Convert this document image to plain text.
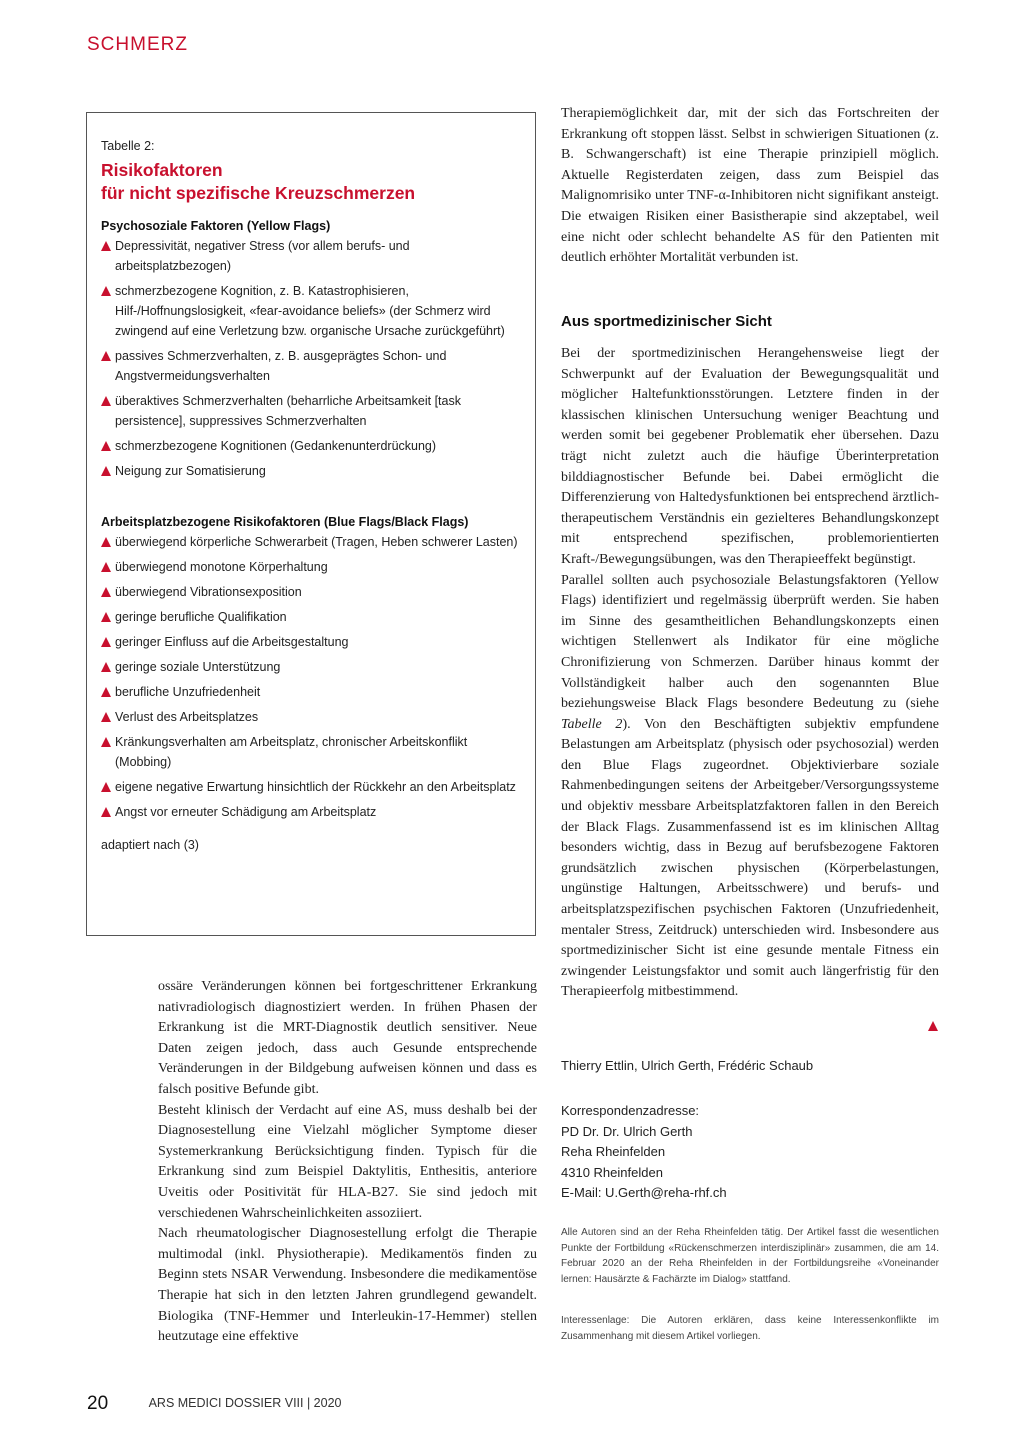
SCHMERZ
Tabelle 2:
Risikofaktoren
für nicht spezifische Kreuzschmerzen
Psychosoziale Faktoren (Yellow Flags)
Depressivität, negativer Stress (vor allem berufs- und arbeitsplatzbezogen)
schmerzbezogene Kognition, z. B. Katastrophisieren, Hilf-/Hoffnungslosigkeit, «fear-avoidance beliefs» (der Schmerz wird zwingend auf eine Verletzung bzw. organische Ursache zurückgeführt)
passives Schmerzverhalten, z. B. ausgeprägtes Schon- und Angstvermeidungsverhalten
überaktives Schmerzverhalten (beharrliche Arbeitsamkeit [task persistence], suppressives Schmerzverhalten
schmerzbezogene Kognitionen (Gedankenunterdrückung)
Neigung zur Somatisierung
Arbeitsplatzbezogene Risikofaktoren (Blue Flags/Black Flags)
überwiegend körperliche Schwerarbeit (Tragen, Heben schwerer Lasten)
überwiegend monotone Körperhaltung
überwiegend Vibrationsexposition
geringe berufliche Qualifikation
geringer Einfluss auf die Arbeitsgestaltung
geringe soziale Unterstützung
berufliche Unzufriedenheit
Verlust des Arbeitsplatzes
Kränkungsverhalten am Arbeitsplatz, chronischer Arbeitskonflikt (Mobbing)
eigene negative Erwartung hinsichtlich der Rückkehr an den Arbeitsplatz
Angst vor erneuter Schädigung am Arbeitsplatz
adaptiert nach (3)

ossäre Veränderungen können bei fortgeschrittener Erkrankung nativradiologisch diagnostiziert werden. In frühen Phasen der Erkrankung ist die MRT-Diagnostik deutlich sensitiver. Neue Daten zeigen jedoch, dass auch Gesunde entsprechende Veränderungen in der Bildgebung aufweisen können und dass es falsch positive Befunde gibt.

Besteht klinisch der Verdacht auf eine AS, muss deshalb bei der Diagnosestellung eine Vielzahl möglicher Symptome dieser Systemerkrankung Berücksichtigung finden. Typisch für die Erkrankung sind zum Beispiel Daktylitis, Enthesitis, anteriore Uveitis oder Positivität für HLA-B27. Sie sind jedoch mit verschiedenen Wahrscheinlichkeiten assoziiert.

Nach rheumatologischer Diagnosestellung erfolgt die Therapie multimodal (inkl. Physiotherapie). Medikamentös finden zu Beginn stets NSAR Verwendung. Insbesondere die medikamentöse Therapie hat sich in den letzten Jahren grundlegend gewandelt. Biologika (TNF-Hemmer und Interleukin-17-Hemmer) stellen heutzutage eine effektive

Therapiemöglichkeit dar, mit der sich das Fortschreiten der Erkrankung oft stoppen lässt. Selbst in schwierigen Situationen (z. B. Schwangerschaft) ist eine Therapie prinzipiell möglich. Aktuelle Registerdaten zeigen, dass zum Beispiel das Malignomrisiko unter TNF-α-Inhibitoren nicht signifikant ansteigt. Die etwaigen Risiken einer Basistherapie sind akzeptabel, weil eine nicht oder schlecht behandelte AS für den Patienten mit deutlich erhöhter Mortalität verbunden ist.

Aus sportmedizinischer Sicht

Bei der sportmedizinischen Herangehensweise liegt der Schwerpunkt auf der Evaluation der Bewegungsqualität und möglicher Haltefunktionsstörungen. Letztere finden in der klassischen klinischen Untersuchung weniger Beachtung und werden somit bei gegebener Problematik eher übersehen. Dazu trägt nicht zuletzt auch die häufige Überinterpretation bilddiagnostischer Befunde bei. Dabei ermöglicht die Differenzierung von Haltedysfunktionen bei entsprechend ärztlich-therapeutischem Verständnis ein gezielteres Behandlungskonzept mit entsprechend spezifischen, problemorientierten Kraft-/Bewegungsübungen, was den Therapieeffekt begünstigt.

Parallel sollten auch psychosoziale Belastungsfaktoren (Yellow Flags) identifiziert und regelmässig überprüft werden. Sie haben im Sinne des gesamtheitlichen Behandlungskonzepts einen wichtigen Stellenwert als Indikator für eine mögliche Chronifizierung von Schmerzen. Darüber hinaus kommt der Vollständigkeit halber auch den sogenannten Blue beziehungsweise Black Flags besondere Bedeutung zu (siehe Tabelle 2). Von den Beschäftigten subjektiv empfundene Belastungen am Arbeitsplatz (physisch oder psychosozial) werden den Blue Flags zugeordnet. Objektivierbare soziale Rahmenbedingungen seitens der Arbeitgeber/Versorgungssysteme und objektiv messbare Arbeitsplatzfaktoren fallen in den Bereich der Black Flags. Zusammenfassend ist es im klinischen Alltag besonders wichtig, dass in Bezug auf berufsbezogene Faktoren grundsätzlich zwischen physischen (Körperbelastungen, ungünstige Haltungen, Arbeitsschwere) und berufs- und arbeitsplatzspezifischen psychischen Faktoren (Unzufriedenheit, mentaler Stress, Zeitdruck) unterschieden wird. Insbesondere aus sportmedizinischer Sicht ist eine gesunde mentale Fitness ein zwingender Leistungsfaktor und somit auch längerfristig für den Therapieerfolg mitbestimmend.

Thierry Ettlin, Ulrich Gerth, Frédéric Schaub
Korrespondenzadresse:
PD Dr. Dr. Ulrich Gerth
Reha Rheinfelden
4310 Rheinfelden
E-Mail: U.Gerth@reha-rhf.ch
Alle Autoren sind an der Reha Rheinfelden tätig. Der Artikel fasst die wesentlichen Punkte der Fortbildung «Rückenschmerzen interdisziplinär» zusammen, die am 14. Februar 2020 an der Reha Rheinfelden in der Fortbildungsreihe «Voneinander lernen: Hausärzte & Fachärzte im Dialog» stattfand.
Interessenlage: Die Autoren erklären, dass keine Interessenkonflikte im Zusammenhang mit diesem Artikel vorliegen.
20	ARS MEDICI DOSSIER VIII | 2020
